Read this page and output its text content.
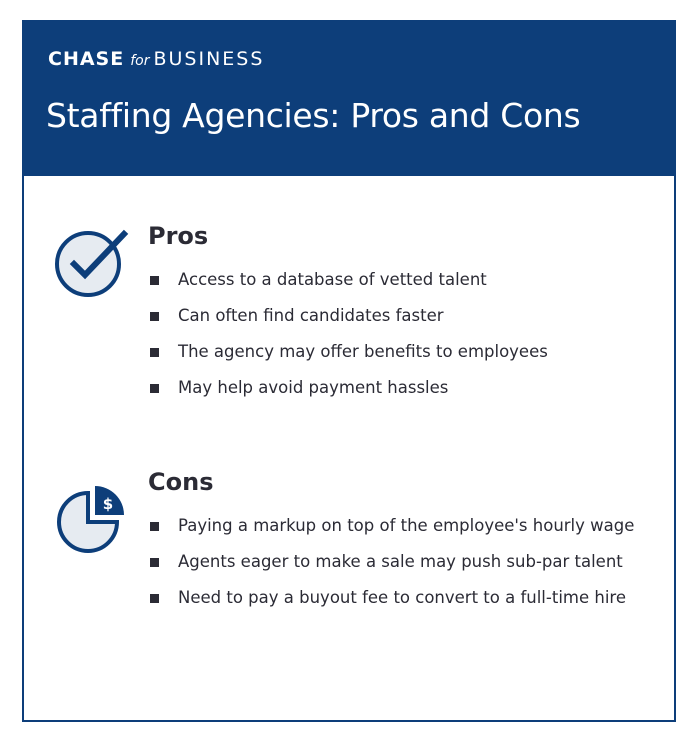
CHASE for BUSINESS
Staffing Agencies: Pros and Cons
Pros
Access to a database of vetted talent
Can often find candidates faster
The agency may offer benefits to employees
May help avoid payment hassles
$
Cons
Paying a markup on top of the employee's hourly wage
Agents eager to make a sale may push sub-par talent
Need to pay a buyout fee to convert to a full-time hire
